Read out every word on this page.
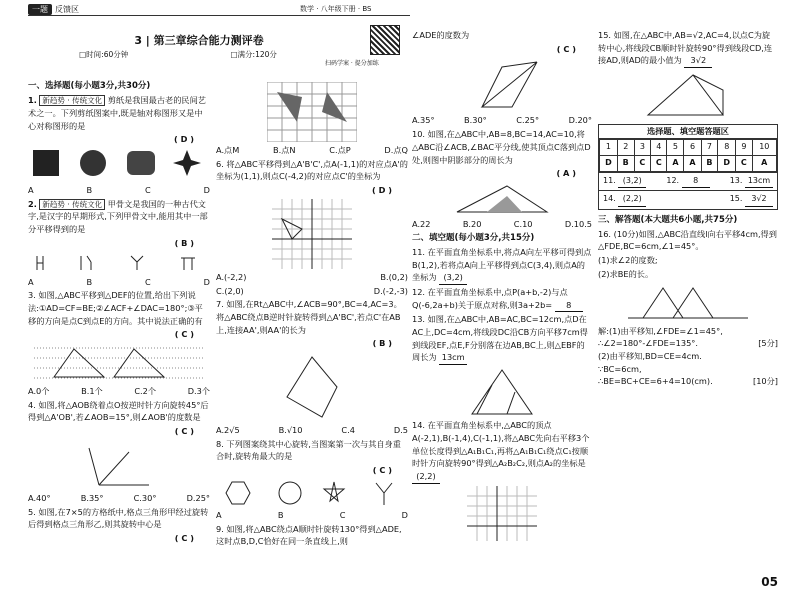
一题 反馈区	数学 · 八年级下册 · BS
3 | 第三章综合能力测评卷
□时间:60分钟	□满分:120分
扫码学案 · 提分加练
一、选择题(每小题3分,共30分)
1. 新趋势 · 传统文化 剪纸是我国最古老的民间艺术之一。下列剪纸图案中,既是轴对称图形又是中心对称图形的是
( D )
A	B	C	D
2. 新趋势 · 传统文化 甲骨文是我国的一种古代文字,是汉字的早期形式,下列甲骨文中,能用其中一部分平移得到的是
( B )
A	B	C	D
3. 如图,△ABC平移到△DEF的位置,给出下列说法:①AD=CF=BE;②∠ACF+∠DAC=180°;③平移的方向是点C到点E的方向。其中说法正确的有
( C )
A.0个	B.1个	C.2个	D.3个
4. 如图,将△AOB绕着点O按逆时针方向旋转45°后得到△A'OB',若∠AOB=15°,则∠AOB'的度数是
( C )
A.40°	B.35°	C.30°	D.25°
5. 如图,在7×5的方格纸中,格点三角形甲经过旋转后得到格点三角形乙,则其旋转中心是
( C )
A.点M	B.点N	C.点P	D.点Q
6. 将△ABC平移得到△A'B'C',点A(-1,1)的对应点A'的坐标为(1,1),则点C(-4,2)的对应点C'的坐标为
( D )
A.(-2,2)	B.(0,2)
C.(2,0)	D.(-2,-3)
7. 如图,在Rt△ABC中,∠ACB=90°,BC=4,AC=3。将△ABC绕点B逆时针旋转得到△A'BC',若点C'在AB上,连接AA',则AA'的长为
( B )
A.2√5	B.√10	C.4	D.5
8. 下列图案绕其中心旋转,当图案第一次与其自身重合时,旋转角最大的是
( C )
A	B	C	D
9. 如图,将△ABC绕点A顺时针旋转130°得到△ADE,这时点B,D,C恰好在同一条直线上,则
∠ADE的度数为
( C )
A.35°	B.30°	C.25°	D.20°
10. 如图,在△ABC中,AB=8,BC=14,AC=10,将△ABC沿∠ACB,∠BAC平分线,使其顶点C落到点D处,则图中阴影部分的周长为
( A )
A.22	B.20	C.10	D.10.5
二、填空题(每小题3分,共15分)
11. 在平面直角坐标系中,将点A向左平移可得到点B(1,2),若将点A向上平移得到点C(3,4),则点A的坐标为 (3,2)
12. 在平面直角坐标系中,点P(a+b,-2)与点Q(-6,2a+b)关于原点对称,则3a+2b= 8
13. 如图,在△ABC中,AB=AC,BC=12cm,点D在AC上,DC=4cm,将线段DC沿CB方向平移7cm得到线段EF,点E,F分别落在边AB,BC上,则△EBF的周长为 13cm
14. 在平面直角坐标系中,△ABC的顶点A(-2,1),B(-1,4),C(-1,1),将△ABC先向右平移3个单位长度得到△A₁B₁C₁,再将△A₁B₁C₁绕点C₁按顺时针方向旋转90°得到△A₂B₂C₂,则点A₂的坐标是 (2,2)
15. 如图,在△ABC中,AB=√2,AC=4,以点C为旋转中心,将线段CB顺时针旋转90°得到线段CD,连接AD,则AD的最小值为 3√2
选择题、填空题答题区
1	2	3	4	5	6	7	8	9	10
D	B	C	C	A	A	B	D	C	A
11. (3,2)	12. 8	13. 13cm
14. (2,2)	15. 3√2
三、解答题(本大题共6小题,共75分)
16. (10分)如图,△ABC沿直线l向右平移4cm,得到△FDE,BC=6cm,∠1=45°。
(1)求∠2的度数;
(2)求BE的长。
解:(1)由平移知,∠FDE=∠1=45°,
∴∠2=180°-∠FDE=135°.	[5分]
(2)由平移知,BD=CE=4cm.
∵BC=6cm,
∴BE=BC+CE=6+4=10(cm).	[10分]
05
